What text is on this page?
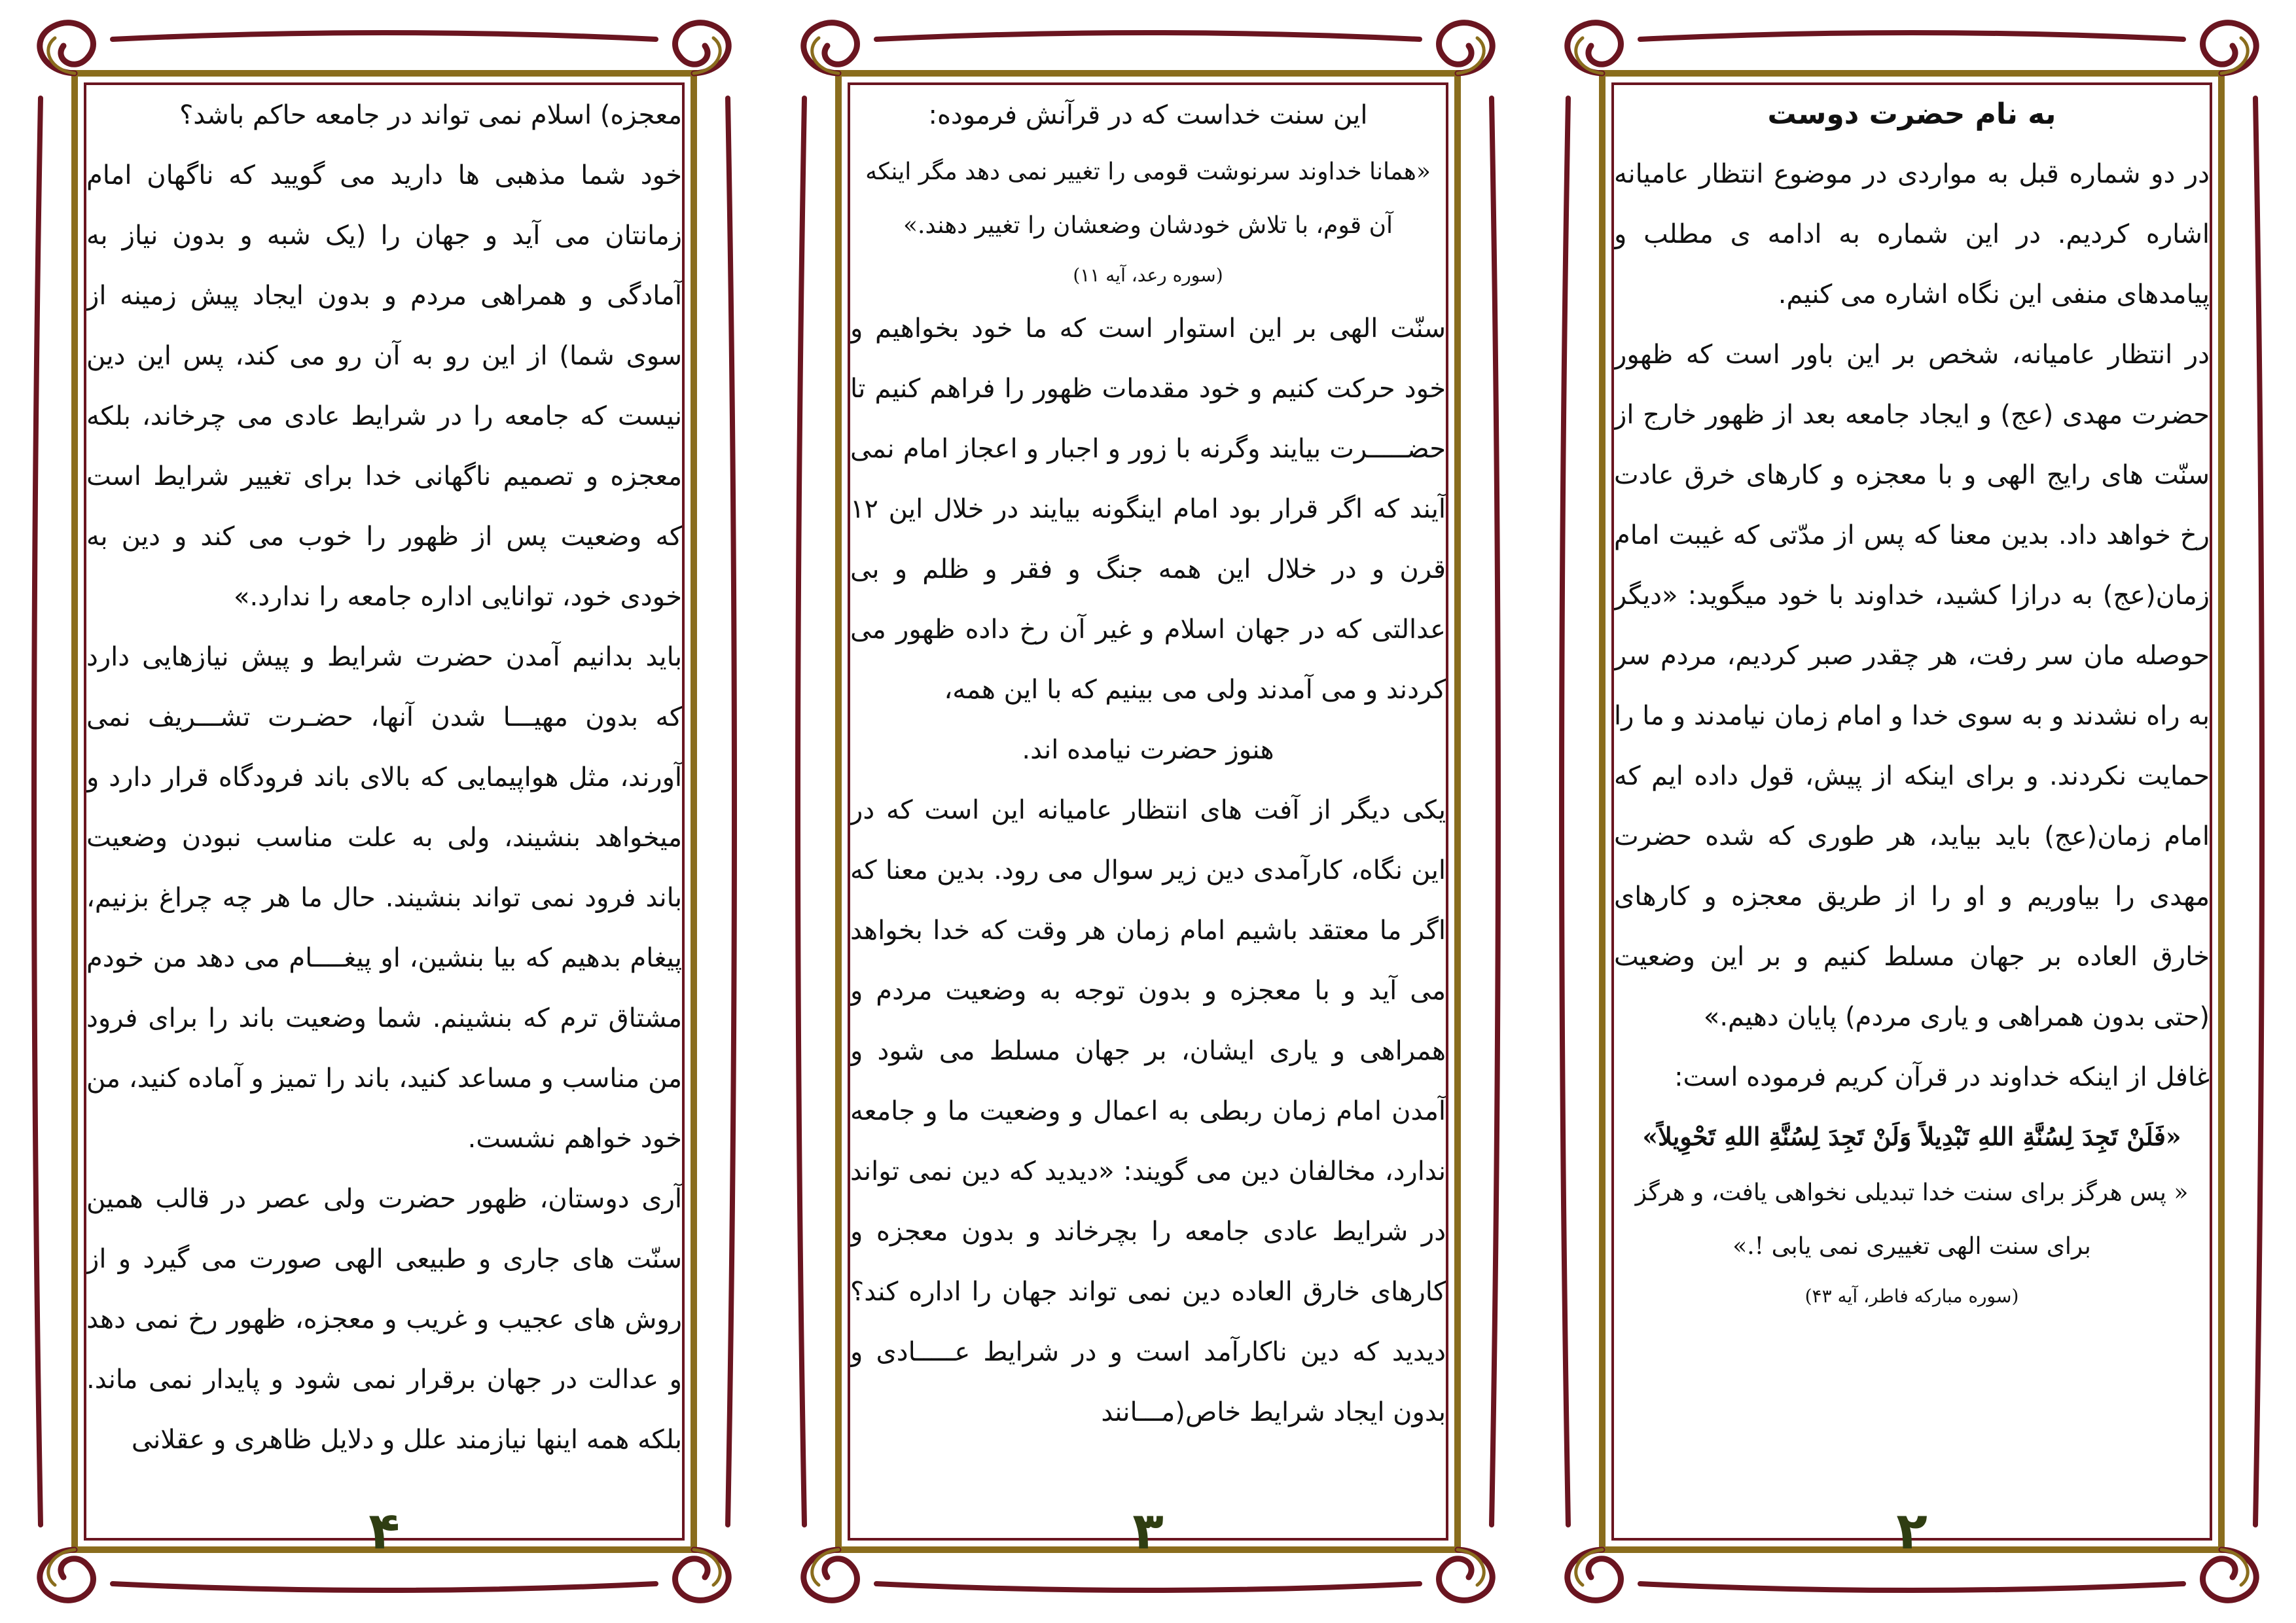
معجزه) اسلام نمی تواند در جامعه حاکم باشد؟

خود شما مذهبی ها دارید می گویید که ناگهان امام زمانتان می آید و جهان را (یک شبه و بدون نیاز به آمادگی و همراهی مردم و بدون ایجاد پیش زمینه از سوی شما) از این رو به آن رو می کند، پس این دین نیست که جامعه را در شرایط عادی می چرخاند، بلکه معجزه و تصمیم ناگهانی خدا برای تغییر شرایط است که وضعیت پس از ظهور را خوب می کند و دین به خودی خود، توانایی اداره جامعه را ندارد.»

باید بدانیم آمدن حضرت شرایط و پیش نیازهایی دارد که بدون مهیـــا شدن آنها، حضـرت تشـــریف نمی آورند، مثل هواپیمایی که بالای باند فرودگاه قرار دارد و میخواهد بنشیند، ولی به علت مناسب نبودن وضعیت باند فرود نمی تواند بنشیند. حال ما هر چه چراغ بزنیم، پیغام بدهیم که بیا بنشین، او پیغــــام می دهد من خودم مشتاق ترم که بنشینم. شما وضعیت باند را برای فرود من مناسب و مساعد کنید، باند را تمیز و آماده کنید، من خود خواهم نشست.

آری دوستان، ظهور حضرت ولی عصر در قالب همین سنّت های جاری و طبیعی الهی صورت می گیرد و از روش های عجیب و غریب و معجزه، ظهور رخ نمی دهد و عدالت در جهان برقرار نمی شود و پایدار نمی ماند. بلکه همه اینها نیازمند علل و دلایل ظاهری و عقلانی

۴

این سنت خداست که در قرآنش فرموده:

«همانا خداوند سرنوشت قومی را تغییر نمی دهد مگر اینکه آن قوم، با تلاش خودشان وضعشان را تغییر دهند.»

(سوره رعد، آیه ۱۱)

سنّت الهی بر این استوار است که ما خود بخواهیم و خود حرکت کنیم و خود مقدمات ظهور را فراهم کنیم تا حضـــــرت بیایند وگرنه با زور و اجبار و اعجاز امام نمی آیند که اگر قرار بود امام اینگونه بیایند در خلال این ۱۲ قرن و در خلال این همه جنگ و فقر و ظلم و بی عدالتی که در جهان اسلام و غیر آن رخ داده ظهور می کردند و می آمدند ولی می بینیم که با این همه،

هنوز حضرت نیامده اند.

یکی دیگر از آفت های انتظار عامیانه این است که در این نگاه، کارآمدی دین زیر سوال می رود. بدین معنا که اگر ما معتقد باشیم امام زمان هر وقت که خدا بخواهد می آید و با معجزه و بدون توجه به وضعیت مردم و همراهی و یاری ایشان، بر جهان مسلط می شود و آمدن امام زمان ربطی به اعمال و وضعیت ما و جامعه ندارد، مخالفان دین می گویند: «دیدید که دین نمی تواند در شرایط عادی جامعه را بچرخاند و بدون معجزه و کارهای خارق العاده دین نمی تواند جهان را اداره کند؟ دیدید که دین ناکارآمد است و در شرایط عـــــادی و بدون ایجاد شرایط خاص(مـــانند

۳

به نام حضرت دوست

در دو شماره قبل به مواردی در موضوع انتظار عامیانه اشاره کردیم. در این شماره به ادامه ی مطلب و پیامدهای منفی این نگاه اشاره می کنیم.

در انتظار عامیانه، شخص بر این باور است که ظهور حضرت مهدی (عج) و ایجاد جامعه بعد از ظهور خارج از سنّت های رایج الهی و با معجزه و کارهای خرق عادت رخ خواهد داد. بدین معنا که پس از مدّتی که غیبت امام زمان(عج) به درازا کشید، خداوند با خود میگوید: «دیگر حوصله مان سر رفت، هر چقدر صبر کردیم، مردم سر به راه نشدند و به سوی خدا و امام زمان نیامدند و ما را حمایت نکردند. و برای اینکه از پیش، قول داده ایم که امام زمان(عج) باید بیاید، هر طوری که شده حضرت مهدی را بیاوریم و او را از طریق معجزه و کارهای خارق العاده بر جهان مسلط کنیم و بر این وضعیت (حتی بدون همراهی و یاری مردم) پایان دهیم.»

غافل از اینکه خداوند در قرآن کریم فرموده است:

«فَلَنْ تَجِدَ لِسُنَّةِ اللهِ تَبْدِيلاً وَلَنْ تَجِدَ لِسُنَّةِ اللهِ تَحْوِيلاً»

« پس هرگز برای سنت خدا تبدیلی نخواهی یافت، و هرگز برای سنت الهی تغییری نمی یابی !.»

(سوره مبارکه فاطر، آیه ۴۳)

۲
